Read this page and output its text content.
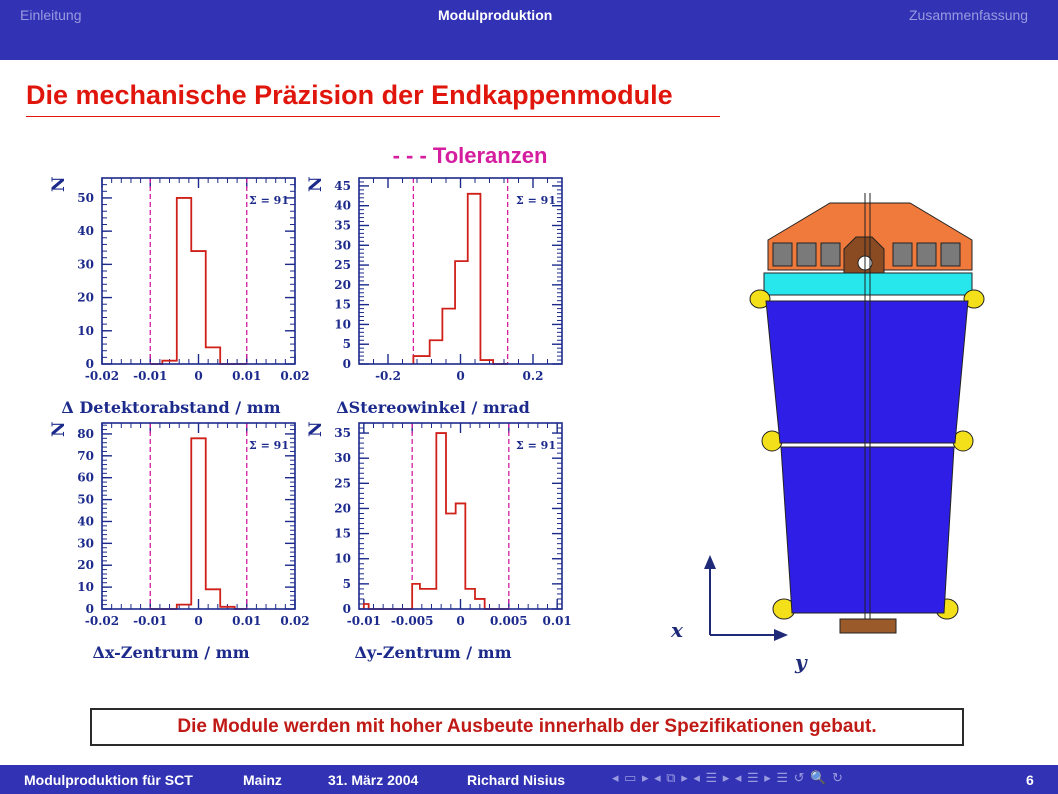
Einleitung	Modulproduktion	Zusammenfassung
Die mechanische Präzision der Endkappenmodule
- - - Toleranzen
-0.02 -0.01 0 0.01 0.02
0
10
20
30
40
50	Σ = 91
N
Δ Detektorabstand / mm
-0.2	0	0.2
0
5
10
15
20
25
30
35
40
45
Σ = 91
N
ΔStereowinkel / mrad
-0.02 -0.01 0 0.01 0.02
0
10
20
30
40
50
60
70
80
Σ = 91
N
Δx-Zentrum / mm
-0.01 -0.005 0 0.005 0.01
0
5
10
15
20
25
30
35
Σ = 91
N
Δy-Zentrum / mm
x
y
Die Module werden mit hoher Ausbeute innerhalb der Spezifikationen gebaut.
Modulproduktion für SCT	Mainz	31. März 2004	Richard Nisius	◂ ▭ ▸ ◂ ⧉ ▸ ◂ ☰ ▸ ◂ ☰ ▸ ☰ ↺ 🔍 ↻	6
